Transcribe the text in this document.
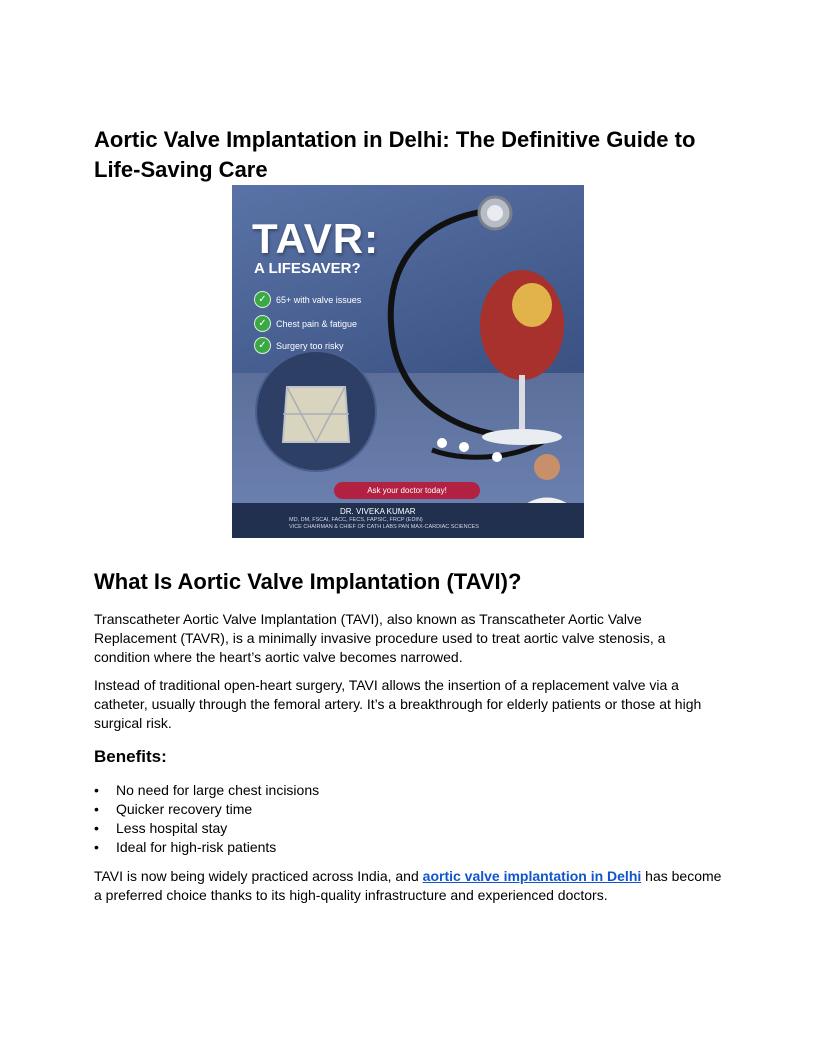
Aortic Valve Implantation in Delhi: The Definitive Guide to Life-Saving Care
TAVR:
A LIFESAVER?
✓	65+ with valve issues
✓	Chest pain & fatigue
✓	Surgery too risky
Ask your doctor today!
DR. VIVEKA KUMAR
MD, DM, FSCAI, FACC, FECS, FAPSIC, FRCP (EDIN)
VICE CHAIRMAN & CHIEF OF CATH LABS PAN MAX-CARDIAC SCIENCES
What Is Aortic Valve Implantation (TAVI)?

Transcatheter Aortic Valve Implantation (TAVI), also known as Transcatheter Aortic Valve Replacement (TAVR), is a minimally invasive procedure used to treat aortic valve stenosis, a condition where the heart’s aortic valve becomes narrowed.

Instead of traditional open-heart surgery, TAVI allows the insertion of a replacement valve via a catheter, usually through the femoral artery. It’s a breakthrough for elderly patients or those at high surgical risk.

Benefits:
• No need for large chest incisions
• Quicker recovery time
• Less hospital stay
• Ideal for high-risk patients

TAVI is now being widely practiced across India, and aortic valve implantation in Delhi has become a preferred choice thanks to its high-quality infrastructure and experienced doctors.
